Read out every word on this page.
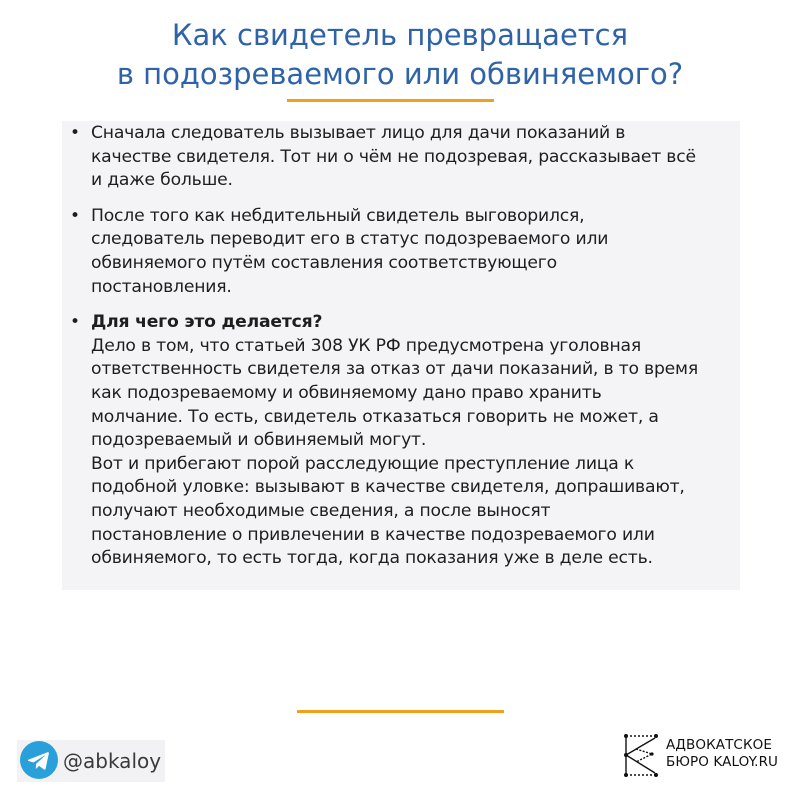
Как свидетель превращается
в подозреваемого или обвиняемого?
• Сначала следователь вызывает лицо для дачи показаний в

качестве свидетеля. Тот ни о чём не подозревая, рассказывает всё

и даже больше.

• После того как небдительный свидетель выговорился,

следователь переводит его в статус подозреваемого или

обвиняемого путём составления соответствующего

постановления.

• Для чего это делается?

Дело в том, что статьей 308 УК РФ предусмотрена уголовная

ответственность свидетеля за отказ от дачи показаний, в то время

как подозреваемому и обвиняемому дано право хранить

молчание. То есть, свидетель отказаться говорить не может, а

подозреваемый и обвиняемый могут.

Вот и прибегают порой расследующие преступление лица к

подобной уловке: вызывают в качестве свидетеля, допрашивают,

получают необходимые сведения, а после выносят

постановление о привлечении в качестве подозреваемого или

обвиняемого, то есть тогда, когда показания уже в деле есть.

@abkaloy
АДВОКАТСКОЕ
БЮРО KALOY.RU
